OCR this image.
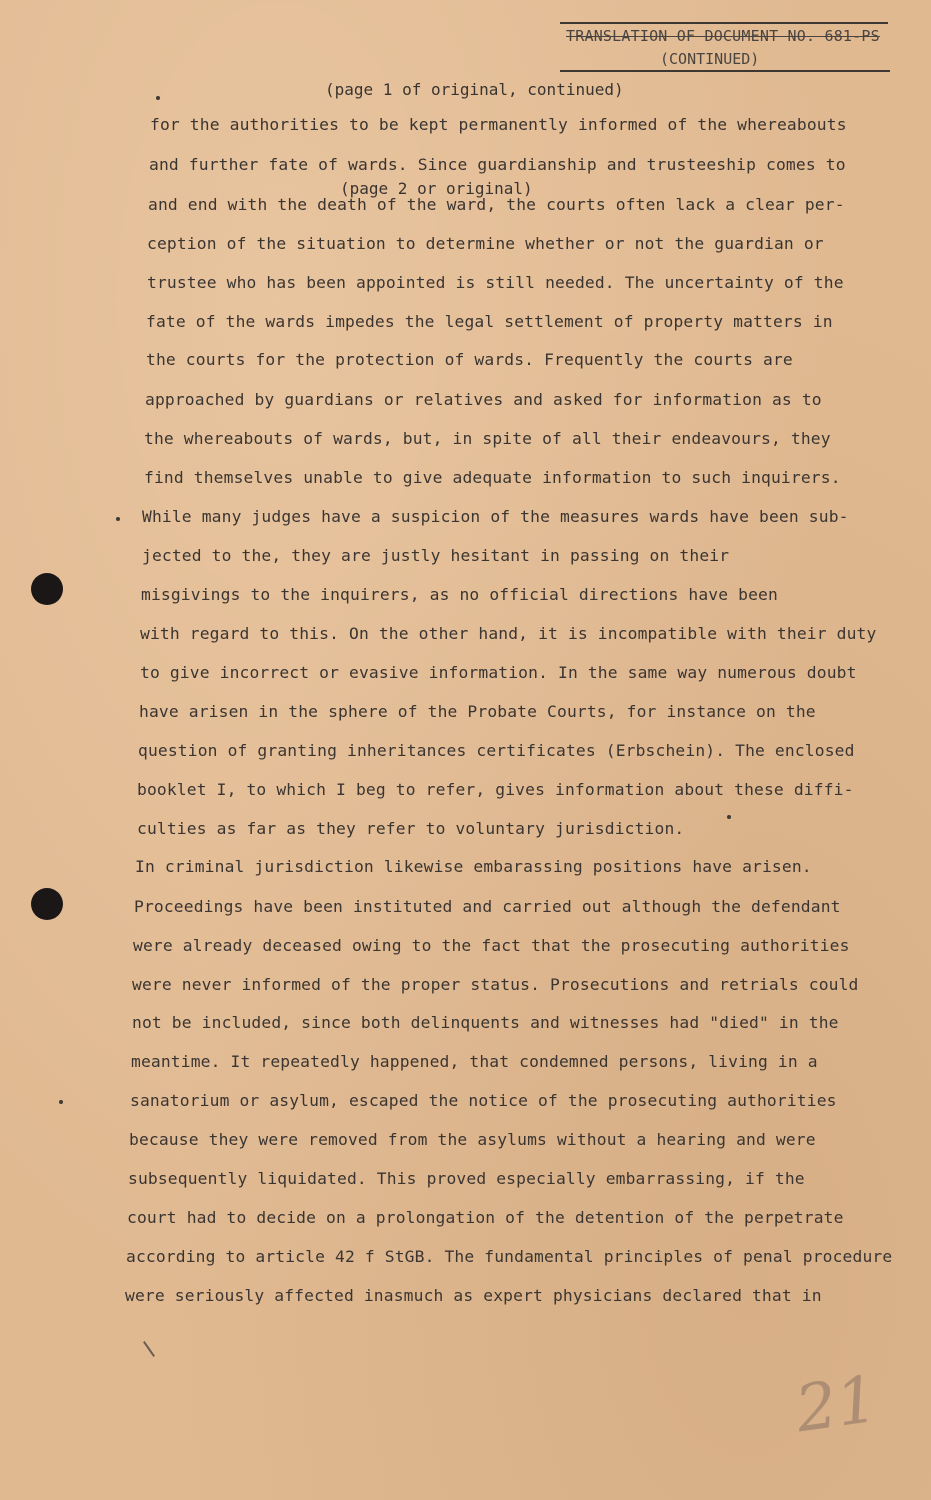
TRANSLATION OF DOCUMENT NO. 681-PS
(CONTINUED)
(page 1 of original, continued)
(page 2 or original)
for the authorities to be kept permanently informed of the whereabouts
and further fate of wards. Since guardianship and trusteeship comes to
and end with the death of the ward, the courts often lack a clear per-
ception of the situation to determine whether or not the guardian or
trustee who has been appointed is still needed. The uncertainty of the
fate of the wards impedes the legal settlement of property matters in
the courts for the protection of wards. Frequently the courts are
approached by guardians or relatives and asked for information as to
the whereabouts of wards, but, in spite of all their endeavours, they
find themselves unable to give adequate information to such inquirers.
While many judges have a suspicion of the measures wards have been sub-
jected to the, they are justly hesitant in passing on their
misgivings to the inquirers, as no official directions have been
with regard to this. On the other hand, it is incompatible with their duty
to give incorrect or evasive information. In the same way numerous doubt
have arisen in the sphere of the Probate Courts, for instance on the
question of granting inheritances certificates (Erbschein). The enclosed
booklet I, to which I beg to refer, gives information about these diffi-
culties as far as they refer to voluntary jurisdiction.
In criminal jurisdiction likewise embarassing positions have arisen.
Proceedings have been instituted and carried out although the defendant
were already deceased owing to the fact that the prosecuting authorities
were never informed of the proper status. Prosecutions and retrials could
not be included, since both delinquents and witnesses had "died" in the
meantime. It repeatedly happened, that condemned persons, living in a
sanatorium or asylum, escaped the notice of the prosecuting authorities
because they were removed from the asylums without a hearing and were
subsequently liquidated. This proved especially embarrassing, if the
court had to decide on a prolongation of the detention of the perpetrate
according to article 42 f StGB. The fundamental principles of penal procedure
were seriously affected inasmuch as expert physicians declared that in
21
